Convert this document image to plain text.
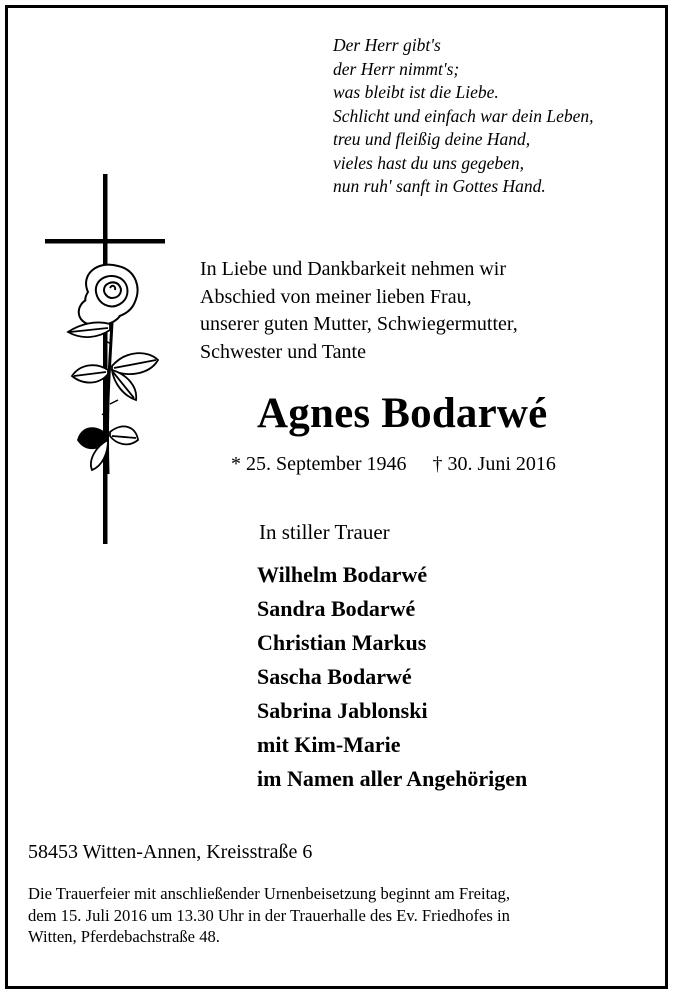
Der Herr gibt's
der Herr nimmt's;
was bleibt ist die Liebe.
Schlicht und einfach war dein Leben,
treu und fleißig deine Hand,
vieles hast du uns gegeben,
nun ruh' sanft in Gottes Hand.
In Liebe und Dankbarkeit nehmen wir
Abschied von meiner lieben Frau,
unserer guten Mutter, Schwiegermutter,
Schwester und Tante
Agnes Bodarwé
* 25. September 1946 † 30. Juni 2016
In stiller Trauer
Wilhelm Bodarwé
Sandra Bodarwé
Christian Markus
Sascha Bodarwé
Sabrina Jablonski
mit Kim-Marie
im Namen aller Angehörigen
58453 Witten-Annen, Kreisstraße 6
Die Trauerfeier mit anschließender Urnenbeisetzung beginnt am Freitag,
dem 15. Juli 2016 um 13.30 Uhr in der Trauerhalle des Ev. Friedhofes in
Witten, Pferdebachstraße 48.
